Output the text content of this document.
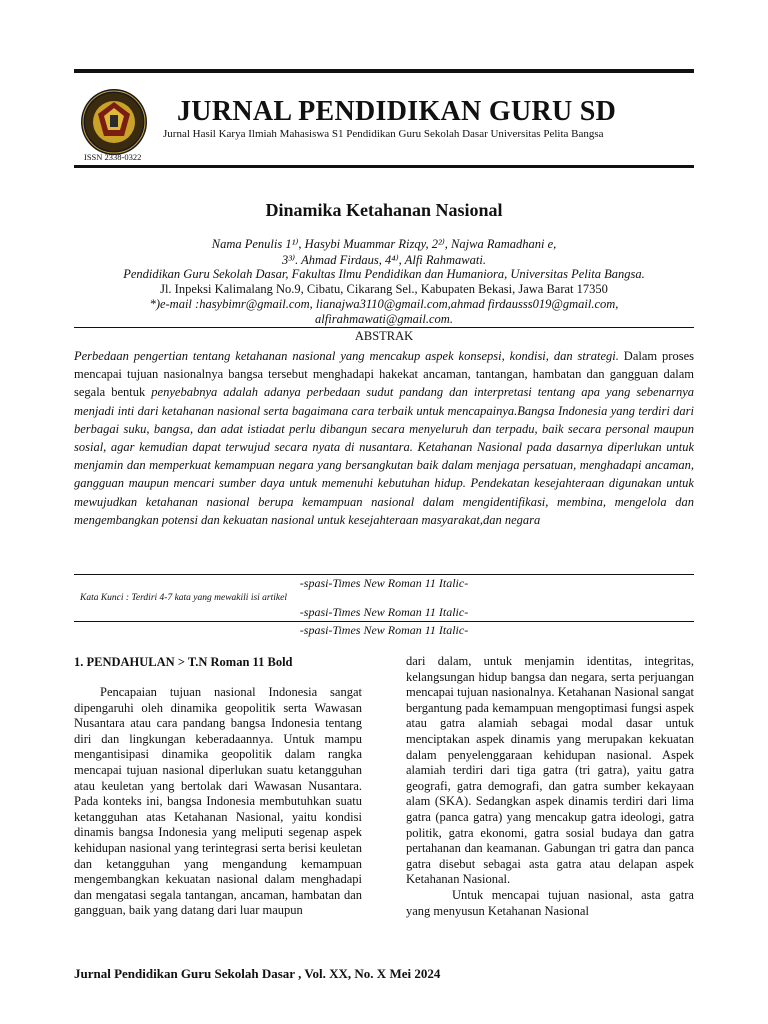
JURNAL PENDIDIKAN GURU SD
Jurnal Hasil Karya Ilmiah Mahasiswa S1 Pendidikan Guru Sekolah Dasar Universitas Pelita Bangsa
ISSN 2338-0322
Dinamika Ketahanan Nasional
Nama Penulis 1¹⁾, Hasybi Muammar Rizqy, 2²⁾, Najwa Ramadhani e,
3³⁾. Ahmad Firdaus, 4⁴⁾, Alfi Rahmawati.
Pendidikan Guru Sekolah Dasar, Fakultas Ilmu Pendidikan dan Humaniora, Universitas Pelita Bangsa.
Jl. Inpeksi Kalimalang No.9, Cibatu, Cikarang Sel., Kabupaten Bekasi, Jawa Barat 17350
*)e-mail :hasybimr@gmail.com, lianajwa3110@gmail.com,ahmad firdausss019@gmail.com,
alfirahmawati@gmail.com.
ABSTRAK
Perbedaan pengertian tentang ketahanan nasional yang mencakup aspek konsepsi, kondisi, dan strategi. Dalam proses mencapai tujuan nasionalnya bangsa tersebut menghadapi hakekat ancaman, tantangan, hambatan dan gangguan dalam segala bentuk penyebabnya adalah adanya perbedaan sudut pandang dan interpretasi tentang apa yang sebenarnya menjadi inti dari ketahanan nasional serta bagaimana cara terbaik untuk mencapainya.Bangsa Indonesia yang terdiri dari berbagai suku, bangsa, dan adat istiadat perlu dibangun secara menyeluruh dan terpadu, baik secara personal maupun sosial, agar kemudian dapat terwujud secara nyata di nusantara. Ketahanan Nasional pada dasarnya diperlukan untuk menjamin dan memperkuat kemampuan negara yang bersangkutan baik dalam menjaga persatuan, menghadapi ancaman, gangguan maupun mencari sumber daya untuk memenuhi kebutuhan hidup. Pendekatan kesejahteraan digunakan untuk mewujudkan ketahanan nasional berupa kemampuan nasional dalam mengidentifikasi, membina, mengelola dan mengembangkan potensi dan kekuatan nasional untuk kesejahteraan masyarakat,dan negara
-spasi-Times New Roman 11 Italic-
Kata Kunci : Terdiri 4-7 kata yang mewakili isi artikel
-spasi-Times New Roman 11 Italic-
-spasi-Times New Roman 11 Italic-
1. PENDAHULAN > T.N Roman 11 Bold

Pencapaian tujuan nasional Indonesia sangat dipengaruhi oleh dinamika geopolitik serta Wawasan Nusantara atau cara pandang bangsa Indonesia tentang diri dan lingkungan keberadaannya. Untuk mampu mengantisipasi dinamika geopolitik dalam rangka mencapai tujuan nasional diperlukan suatu ketangguhan atau keuletan yang bertolak dari Wawasan Nusantara. Pada konteks ini, bangsa Indonesia membutuhkan suatu ketangguhan atas Ketahanan Nasional, yaitu kondisi dinamis bangsa Indonesia yang meliputi segenap aspek kehidupan nasional yang terintegrasi serta berisi keuletan dan ketangguhan yang mengandung kemampuan mengembangkan kekuatan nasional dalam menghadapi dan mengatasi segala tantangan, ancaman, hambatan dan gangguan, baik yang datang dari luar maupun

dari dalam, untuk menjamin identitas, integritas, kelangsungan hidup bangsa dan negara, serta perjuangan mencapai tujuan nasionalnya. Ketahanan Nasional sangat bergantung pada kemampuan mengoptimasi fungsi aspek atau gatra alamiah sebagai modal dasar untuk menciptakan aspek dinamis yang merupakan kekuatan dalam penyelenggaraan kehidupan nasional. Aspek alamiah terdiri dari tiga gatra (tri gatra), yaitu gatra geografi, gatra demografi, dan gatra sumber kekayaan alam (SKA). Sedangkan aspek dinamis terdiri dari lima gatra (panca gatra) yang mencakup gatra ideologi, gatra politik, gatra ekonomi, gatra sosial budaya dan gatra pertahanan dan keamanan. Gabungan tri gatra dan panca gatra disebut sebagai asta gatra atau delapan aspek Ketahanan Nasional.

Untuk mencapai tujuan nasional, asta gatra yang menyusun Ketahanan Nasional

Jurnal Pendidikan Guru Sekolah Dasar , Vol. XX, No. X Mei 2024
